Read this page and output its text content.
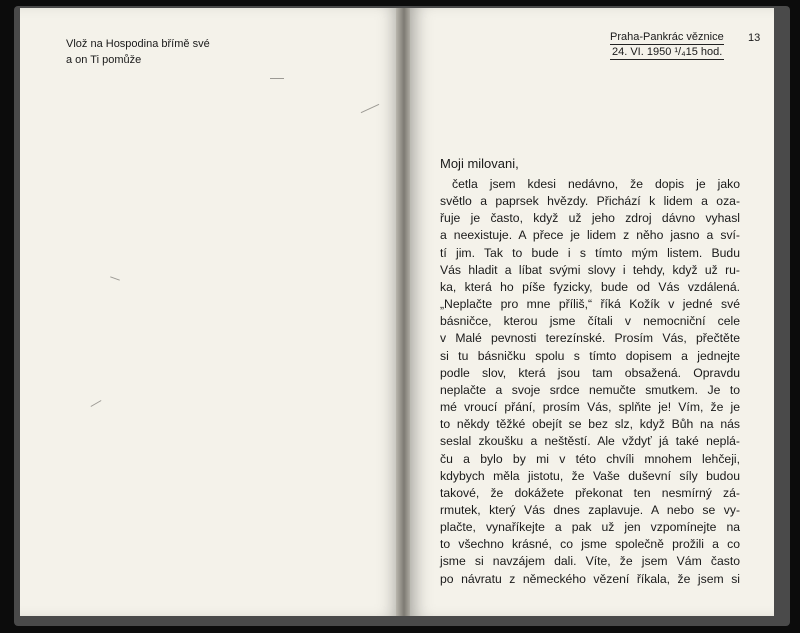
Vlož na Hospodina břímě své
a on Ti pomůže
Praha-Pankrác věznice
24. VI. 1950 ¹/₄15 hod.
13
Moji milovani,
četla jsem kdesi nedávno, že dopis je jako
světlo a paprsek hvězdy. Přichází k lidem a oza-
řuje je často, když už jeho zdroj dávno vyhasl
a neexistuje. A přece je lidem z něho jasno a sví-
tí jim. Tak to bude i s tímto mým listem. Budu
Vás hladit a líbat svými slovy i tehdy, když už ru-
ka, která ho píše fyzicky, bude od Vás vzdálená.
„Neplačte pro mne příliš,“ říká Kožík v jedné své
básničce, kterou jsme čítali v nemocniční cele
v Malé pevnosti terezínské. Prosím Vás, přečtěte
si tu básničku spolu s tímto dopisem a jednejte
podle slov, která jsou tam obsažená. Opravdu
neplačte a svoje srdce nemučte smutkem. Je to
mé vroucí přání, prosím Vás, splňte je! Vím, že je
to někdy těžké obejít se bez slz, když Bůh na nás
seslal zkoušku a neštěstí. Ale vždyť já také neplá-
ču a bylo by mi v této chvíli mnohem lehčeji,
kdybych měla jistotu, že Vaše duševní síly budou
takové, že dokážete překonat ten nesmírný zá-
rmutek, který Vás dnes zaplavuje. A nebo se vy-
plačte, vynaříkejte a pak už jen vzpomínejte na
to všechno krásné, co jsme společně prožili a co
jsme si navzájem dali. Víte, že jsem Vám často
po návratu z německého vězení říkala, že jsem si
